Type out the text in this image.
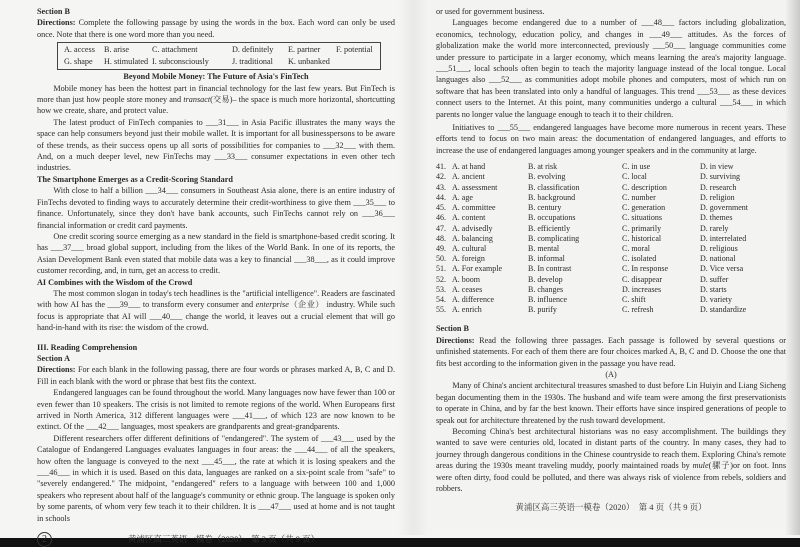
Section B

Directions: Complete the following passage by using the words in the box. Each word can only be used once. Note that there is one word more than you need.

A. access	B. arise	C. attachment	D. definitely	E. partner	F. potential
G. shape	H. stimulated I. subconsciously	J. traditional	K. unbanked

Beyond Mobile Money: The Future of Asia's FinTech

Mobile money has been the hottest part in financial technology for the last few years. But FinTech is more than just how people store money and transact(交易)– the space is much more horizontal, shortcutting how we create, share, and protect value.

The latest product of FinTech companies to ___31___ in Asia Pacific illustrates the many ways the space can help consumers beyond just their mobile wallet. It is important for all businesspersons to be aware of these trends, as their success opens up all sorts of possibilities for companies to ___32___ with them. And, on a much deeper level, new FinTechs may ___33___ consumer expectations in even other tech industries.

The Smartphone Emerges as a Credit-Scoring Standard

With close to half a billion ___34___ consumers in Southeast Asia alone, there is an entire industry of FinTechs devoted to finding ways to accurately determine their credit-worthiness to give them ___35___ to finance. Unfortunately, since they don't have bank accounts, such FinTechs cannot rely on ___36___ financial information or credit card payments.

One credit scoring source emerging as a new standard in the field is smartphone-based credit scoring. It has ___37___ broad global support, including from the likes of the World Bank. In one of its reports, the Asian Development Bank even stated that mobile data was a key to financial ___38___, as it could improve customer recording, and, in turn, get an access to credit.

AI Combines with the Wisdom of the Crowd

The most common slogan in today's tech headlines is the "artificial intelligence". Readers are fascinated with how AI has the ___39___ to transform every consumer and enterprise（企业） industry. While such focus is appropriate that AI will ___40___ change the world, it leaves out a crucial element that will go hand-in-hand with its rise: the wisdom of the crowd.

III. Reading Comprehension

Section A

Directions: For each blank in the following passag, there are four words or phrases marked A, B, C and D. Fill in each blank with the word or phrase that best fits the context.

Endangered languages can be found throughout the world. Many languages now have fewer than 100 or even fewer than 10 speakers. The crisis is not limited to remote regions of the world. When Europeans first arrived in North America, 312 different languages were ___41___, of which 123 are now known to be extinct. Of the ___42___ languages, most speakers are grandparents and great-grandparents.

Different researchers offer different definitions of "endangered". The system of ___43___ used by the Catalogue of Endangered Languages evaluates languages in four areas: the ___44___ of all the speakers, how often the language is conveyed to the next ___45___, the rate at which it is losing speakers and the ___46___ in which it is used. Based on this data, languages are ranked on a six-point scale from "safe" to "severely endangered." The midpoint, "endangered" refers to a language with between 100 and 1,000 speakers who represent about half of the language's community or ethnic group. The language is spoken only by some parents, of whom very few teach it to their children. It is ___47___ used at home and is not taught in schools

2	黄浦区高三英语一模卷（2020）　第 3 页（共 9 页）

or used for government business.

Languages become endangered due to a number of ___48___ factors including globalization, economics, technology, education policy, and changes in ___49___ attitudes. As the forces of globalization make the world more interconnected, previously ___50___ language communities come under pressure to participate in a larger economy, which means learning the area's majority language. ___51___, local schools often begin to teach the majority language instead of the local tongue. Local languages also ___52___ as communities adopt mobile phones and computers, most of which run on software that has been translated into only a handful of languages. This trend ___53___ as these devices connect users to the Internet. At this point, many communities undergo a cultural ___54___ in which parents no longer value the language enough to teach it to their children.

Initiatives to ___55___ endangered languages have become more numerous in recent years. These efforts tend to focus on two main areas: the documentation of endangered languages, and efforts to increase the use of endangered languages among younger speakers and in the community at large.

41. A. at hand	B. at risk	C. in use	D. in view
42. A. ancient	B. evolving	C. local	D. surviving
43. A. assessment	B. classification	C. description	D. research
44. A. age	B. background	C. number	D. religion
45. A. committee	B. century	C. generation	D. government
46. A. content	B. occupations	C. situations	D. themes
47. A. advisedly	B. efficiently	C. primarily	D. rarely
48. A. balancing	B. complicating	C. historical	D. interrelated
49. A. cultural	B. mental	C. moral	D. religious
50. A. foreign	B. informal	C. isolated	D. national
51. A. For example	B. In contrast	C. In response	D. Vice versa
52. A. boom	B. develop	C. disappear	D. suffer
53. A. ceases	B. changes	D. increases	D. starts
54. A. difference	B. influence	C. shift	D. variety
55. A. enrich	B. purify	C. refresh	D. standardize

Section B

Directions: Read the following three passages. Each passage is followed by several questions or unfinished statements. For each of them there are four choices marked A, B, C and D. Choose the one that fits best according to the information given in the passage you have read.

(A)

Many of China's ancient architectural treasures smashed to dust before Lin Huiyin and Liang Sicheng began documenting them in the 1930s. The husband and wife team were among the first preservationists to operate in China, and by far the best known. Their efforts have since inspired generations of people to speak out for architecture threatened by the rush toward development.

Becoming China's best architectural historians was no easy accomplishment. The buildings they wanted to save were centuries old, located in distant parts of the country. In many cases, they had to journey through dangerous conditions in the Chinese countryside to reach them. Exploring China's remote areas during the 1930s meant traveling muddy, poorly maintained roads by mule(骡子)or on foot. Inns were often dirty, food could be polluted, and there was always risk of violence from rebels, soldiers and robbers.

黄浦区高三英语一模卷（2020）　第 4 页（共 9 页）
